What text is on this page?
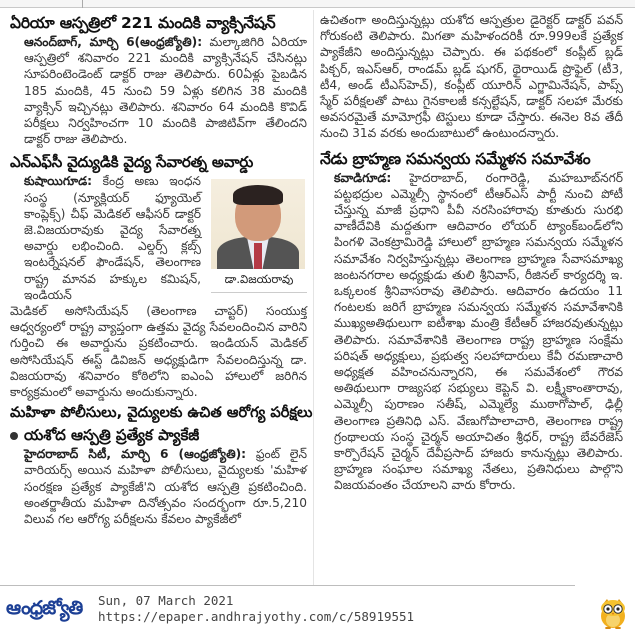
ఏరియా ఆస్పత్రిలో 221 మందికి వ్యాక్సినేషన్

ఆనంద్‌బాగ్, మార్చి 6(ఆంధ్రజ్యోతి): మల్కాజిగిరి ఏరియా ఆస్పత్రిలో శనివారం 221 మందికి వ్యాక్సినేషన్ చేసినట్లు సూపరింటెండెంట్ డాక్టర్ రాజు తెలిపారు. 60ఏళ్లు పైబడిన 185 మందికి, 45 నుంచి 59 ఏళ్లు కలిగిన 38 మందికి వ్యాక్సిన్ ఇచ్చినట్లు తెలిపారు. శనివారం 64 మందికి కొవిడ్ పరీక్షలు నిర్వహించగా 10 మందికి పాజిటివ్‌గా తేలిందని డాక్టర్ రాజు తెలిపారు.

ఎన్‌ఎఫ్‌సీ వైద్యుడికి వైద్య సేవారత్న అవార్డు
డా.విజయరావు

కుషాయిగూడ: కేంద్ర అణు ఇంధన సంస్థ (న్యూక్లియర్ ఫ్యూయెల్ కాంప్లెక్స్) చీఫ్ మెడికల్ ఆఫీసర్ డాక్టర్ జె.విజయరావుకు వైద్య సేవారత్న అవార్డు లభించింది. ఎల్డర్స్ క్లబ్స్ ఇంటర్నేషనల్ ఫౌండేషన్, తెలంగాణ రాష్ట్ర మానవ హక్కుల కమిషన్, ఇండియన్

మెడికల్ అసోసియేషన్ (తెలంగాణ చాప్టర్) సంయుక్త ఆధ్వర్యంలో రాష్ట్ర వ్యాప్తంగా ఉత్తమ వైద్య సేవలందించిన వారిని గుర్తించి ఈ అవార్డును ప్రకటించారు. ఇండియన్ మెడికల్ అసోసియేషన్ ఈస్ట్ డివిజన్ అధ్యక్షుడిగా సేవలందిస్తున్న డా. విజయరావు శనివారం కోఠిలోని ఐఎంఏ హాలులో జరిగిన కార్యక్రమంలో అవార్డును అందుకున్నారు.

మహిళా పోలీసులు, వైద్యులకు ఉచిత ఆరోగ్య పరీక్షలు
యశోద ఆస్పత్రి ప్రత్యేక ప్యాకేజీ

హైదరాబాద్ సిటీ, మార్చి 6 (ఆంధ్రజ్యోతి): ఫ్రంట్ లైన్ వారియర్స్ అయిన మహిళా పోలీసులు, వైద్యులకు 'మహిళ సంరక్షణ ప్రత్యేక ప్యాకేజీ'ని యశోద ఆస్పత్రి ప్రకటించింది. అంతర్జాతీయ మహిళా దినోత్సవం సందర్భంగా రూ.5,210 విలువ గల ఆరోగ్య పరీక్షలను కేవలం ప్యాకేజీలో

ఉచితంగా అందిస్తున్నట్లు యశోద ఆస్పత్రుల డైరెక్టర్ డాక్టర్ పవన్ గోరుకంటి తెలిపారు. మిగతా మహిళందరికీ రూ.999లకే ప్రత్యేక ప్యాకేజీని అందిస్తున్నట్లు చెప్పారు. ఈ పథకంలో కంప్లీట్ బ్లడ్ పిక్చర్, ఇఎస్ఆర్, రాండమ్ బ్లడ్ షుగర్, థైరాయిడ్ ప్రొఫైల్ (టీ3, టీ4, అండ్ టీఎస్‌హెచ్), కంప్లీట్ యూరిన్ ఎగ్జామినేషన్, పాప్స్ స్మేర్ పరీక్షలతో పాటు గైనకాలజీ కన్సల్టేషన్, డాక్టర్ సలహా మేరకు అవసరమైతే మామోగ్రఫీ టెస్టులు కూడా చేస్తారు. ఈనెల 8వ తేదీ నుంచి 31వ వరకు అందుబాటులో ఉంటుందన్నారు.

నేడు బ్రాహ్మణ సమన్వయ సమ్మేళన సమావేశం

కవాడిగూడ: హైదరాబాద్, రంగారెడ్డి, మహబూబ్‌నగర్ పట్టభద్రుల ఎమ్మెల్సీ స్థానంలో టీఆర్ఎస్ పార్టీ నుంచి పోటీ చేస్తున్న మాజీ ప్రధాని పీవీ నరసింహారావు కూతురు సురభి వాణీదేవికి మద్దతుగా ఆదివారం లోయర్ ట్యాంక్‌బండ్‌లోని పింగళి వెంకట్రామిరెడ్డి హాలులో బ్రాహ్మణ సమన్వయ సమ్మేళన సమావేశం నిర్వహిస్తున్నట్లు తెలంగాణ బ్రాహ్మణ సేవాసమాఖ్య జంటనగరాల అధ్యక్షుడు తులి శ్రీనివాస్, రీజినల్ కార్యదర్శి ఇ. ఒక్కలంక శ్రీనివాసరావు తెలిపారు. ఆదివారం ఉదయం 11 గంటలకు జరిగే బ్రాహ్మణ సమన్వయ సమ్మేళన సమావేశానికి ముఖ్యఅతిథులుగా ఐటీశాఖ మంత్రి కేటీఆర్ హాజరవుతున్నట్లు తెలిపారు. సమావేశానికి తెలంగాణ రాష్ట్ర బ్రాహ్మణ సంక్షేమ పరిషత్ అధ్యక్షులు, ప్రభుత్వ సలహాదారులు కేవీ రమణాచారి అధ్యక్షత వహించనున్నారని, ఈ సమవేశంలో గౌరవ అతిథులుగా రాజ్యసభ సభ్యులు కెప్టెన్ వి. లక్ష్మీకాంతారావు, ఎమ్మెల్సీ పురాణం సతీష్, ఎమ్మెల్యే ముఠాగోపాల్, ఢిల్లీ తెలంగాణ ప్రతినిధి ఎస్. వేణుగోపాలాచారి, తెలంగాణ రాష్ట్ర గ్రంథాలయ సంస్థ చైర్మన్ అయాచితం శ్రీధర్, రాష్ట్ర బేవరేజెస్ కార్పొరేషన్ చైర్మన్ దేవీప్రసాద్ హాజరు కానున్నట్లు తెలిపారు. బ్రాహ్మణ సంఘాల సమాఖ్య నేతలు, ప్రతినిధులు పాల్గొని విజయవంతం చేయాలని వారు కోరారు.

ఆంధ్రజ్యోతి Sun, 07 March 2021
https://epaper.andhrajyothy.com/c/58919551
